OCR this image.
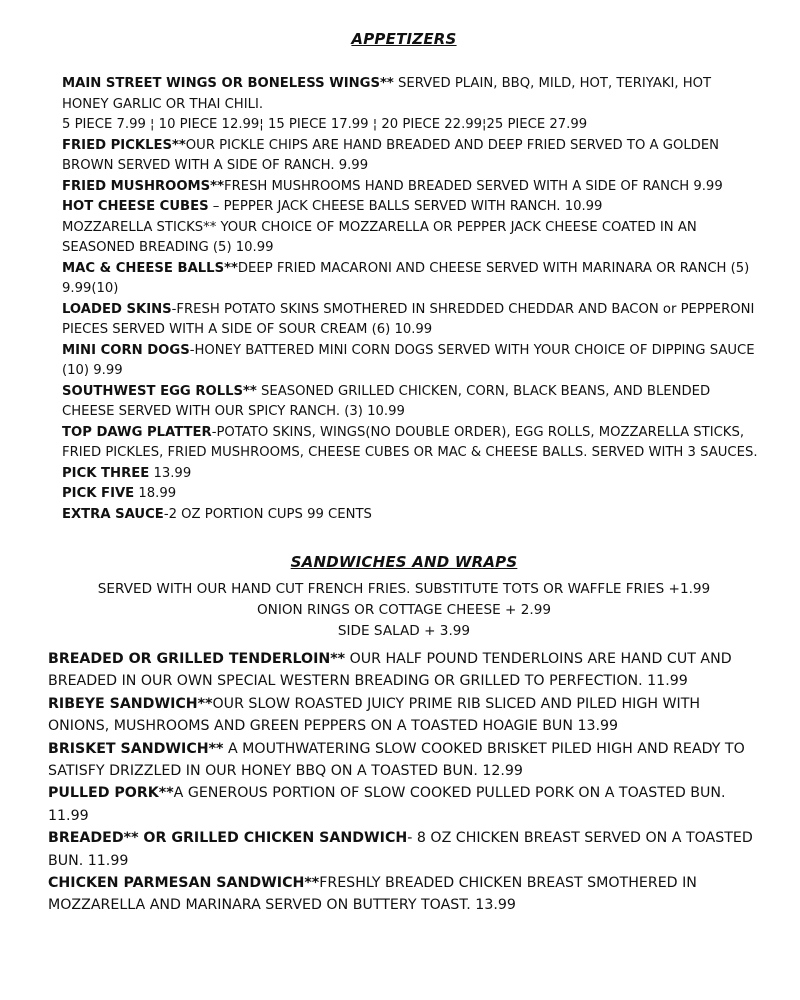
APPETIZERS

MAIN STREET WINGS OR BONELESS WINGS** SERVED PLAIN, BBQ, MILD, HOT, TERIYAKI, HOT HONEY GARLIC OR THAI CHILI.

5 PIECE 7.99 ¦ 10 PIECE 12.99¦ 15 PIECE 17.99 ¦ 20 PIECE 22.99¦25 PIECE 27.99

FRIED PICKLES**OUR PICKLE CHIPS ARE HAND BREADED AND DEEP FRIED SERVED TO A GOLDEN BROWN SERVED WITH A SIDE OF RANCH. 9.99

FRIED MUSHROOMS**FRESH MUSHROOMS HAND BREADED SERVED WITH A SIDE OF RANCH 9.99

HOT CHEESE CUBES – PEPPER JACK CHEESE BALLS SERVED WITH RANCH. 10.99

MOZZARELLA STICKS** YOUR CHOICE OF MOZZARELLA OR PEPPER JACK CHEESE COATED IN AN SEASONED BREADING (5) 10.99

MAC & CHEESE BALLS**DEEP FRIED MACARONI AND CHEESE SERVED WITH MARINARA OR RANCH (5) 9.99(10)

LOADED SKINS-FRESH POTATO SKINS SMOTHERED IN SHREDDED CHEDDAR AND BACON or PEPPERONI PIECES SERVED WITH A SIDE OF SOUR CREAM (6) 10.99

MINI CORN DOGS-HONEY BATTERED MINI CORN DOGS SERVED WITH YOUR CHOICE OF DIPPING SAUCE (10) 9.99

SOUTHWEST EGG ROLLS** SEASONED GRILLED CHICKEN, CORN, BLACK BEANS, AND BLENDED CHEESE SERVED WITH OUR SPICY RANCH. (3) 10.99

TOP DAWG PLATTER-POTATO SKINS, WINGS(NO DOUBLE ORDER), EGG ROLLS, MOZZARELLA STICKS, FRIED PICKLES, FRIED MUSHROOMS, CHEESE CUBES OR MAC & CHEESE BALLS. SERVED WITH 3 SAUCES.

PICK THREE 13.99

PICK FIVE 18.99

EXTRA SAUCE-2 OZ PORTION CUPS 99 CENTS

SANDWICHES AND WRAPS

SERVED WITH OUR HAND CUT FRENCH FRIES. SUBSTITUTE TOTS OR WAFFLE FRIES +1.99

ONION RINGS OR COTTAGE CHEESE + 2.99

SIDE SALAD + 3.99

BREADED OR GRILLED TENDERLOIN** OUR HALF POUND TENDERLOINS ARE HAND CUT AND BREADED IN OUR OWN SPECIAL WESTERN BREADING OR GRILLED TO PERFECTION. 11.99

RIBEYE SANDWICH**OUR SLOW ROASTED JUICY PRIME RIB SLICED AND PILED HIGH WITH ONIONS, MUSHROOMS AND GREEN PEPPERS ON A TOASTED HOAGIE BUN 13.99

BRISKET SANDWICH** A MOUTHWATERING SLOW COOKED BRISKET PILED HIGH AND READY TO SATISFY DRIZZLED IN OUR HONEY BBQ ON A TOASTED BUN. 12.99

PULLED PORK**A GENEROUS PORTION OF SLOW COOKED PULLED PORK ON A TOASTED BUN. 11.99

BREADED** OR GRILLED CHICKEN SANDWICH- 8 OZ CHICKEN BREAST SERVED ON A TOASTED BUN. 11.99

CHICKEN PARMESAN SANDWICH**FRESHLY BREADED CHICKEN BREAST SMOTHERED IN MOZZARELLA AND MARINARA SERVED ON BUTTERY TOAST. 13.99
